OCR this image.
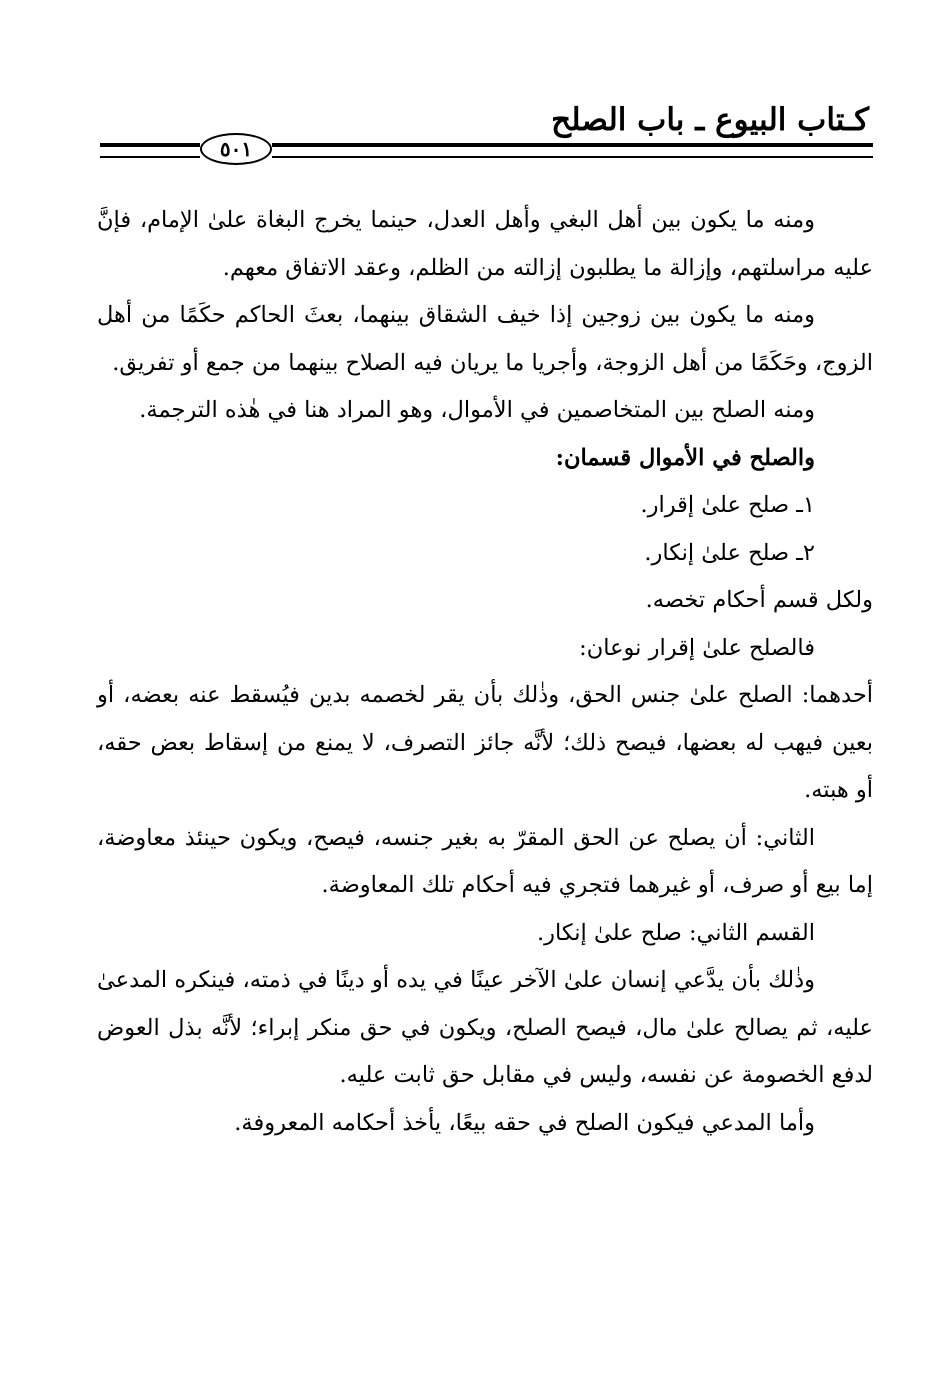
كـتاب البيوع ـ باب الصلح
٥٠١

ومنه ما يكون بين أهل البغي وأهل العدل، حينما يخرج البغاة علىٰ الإمام، فإنَّ عليه مراسلتهم، وإزالة ما يطلبون إزالته من الظلم، وعقد الاتفاق معهم.

ومنه ما يكون بين زوجين إذا خيف الشقاق بينهما، بعثَ الحاكم حكَمًا من أهل الزوج، وحَكَمًا من أهل الزوجة، وأجريا ما يريان فيه الصلاح بينهما من جمع أو تفريق.

ومنه الصلح بين المتخاصمين في الأموال، وهو المراد هنا في هٰذه الترجمة.

والصلح في الأموال قسمان:

١ـ صلح علىٰ إقرار.

٢ـ صلح علىٰ إنكار.

ولكل قسم أحكام تخصه.

فالصلح علىٰ إقرار نوعان:

أحدهما: الصلح علىٰ جنس الحق، وذٰلك بأن يقر لخصمه بدين فيُسقط عنه بعضه، أو بعين فيهب له بعضها، فيصح ذلك؛ لأنَّه جائز التصرف، لا يمنع من إسقاط بعض حقه، أو هبته.

الثاني: أن يصلح عن الحق المقرّ به بغير جنسه، فيصح، ويكون حينئذ معاوضة، إما بيع أو صرف، أو غيرهما فتجري فيه أحكام تلك المعاوضة.

القسم الثاني: صلح علىٰ إنكار.

وذٰلك بأن يدَّعي إنسان علىٰ الآخر عينًا في يده أو دينًا في ذمته، فينكره المدعىٰ عليه، ثم يصالح علىٰ مال، فيصح الصلح، ويكون في حق منكر إبراء؛ لأنَّه بذل العوض لدفع الخصومة عن نفسه، وليس في مقابل حق ثابت عليه.

وأما المدعي فيكون الصلح في حقه بيعًا، يأخذ أحكامه المعروفة.
